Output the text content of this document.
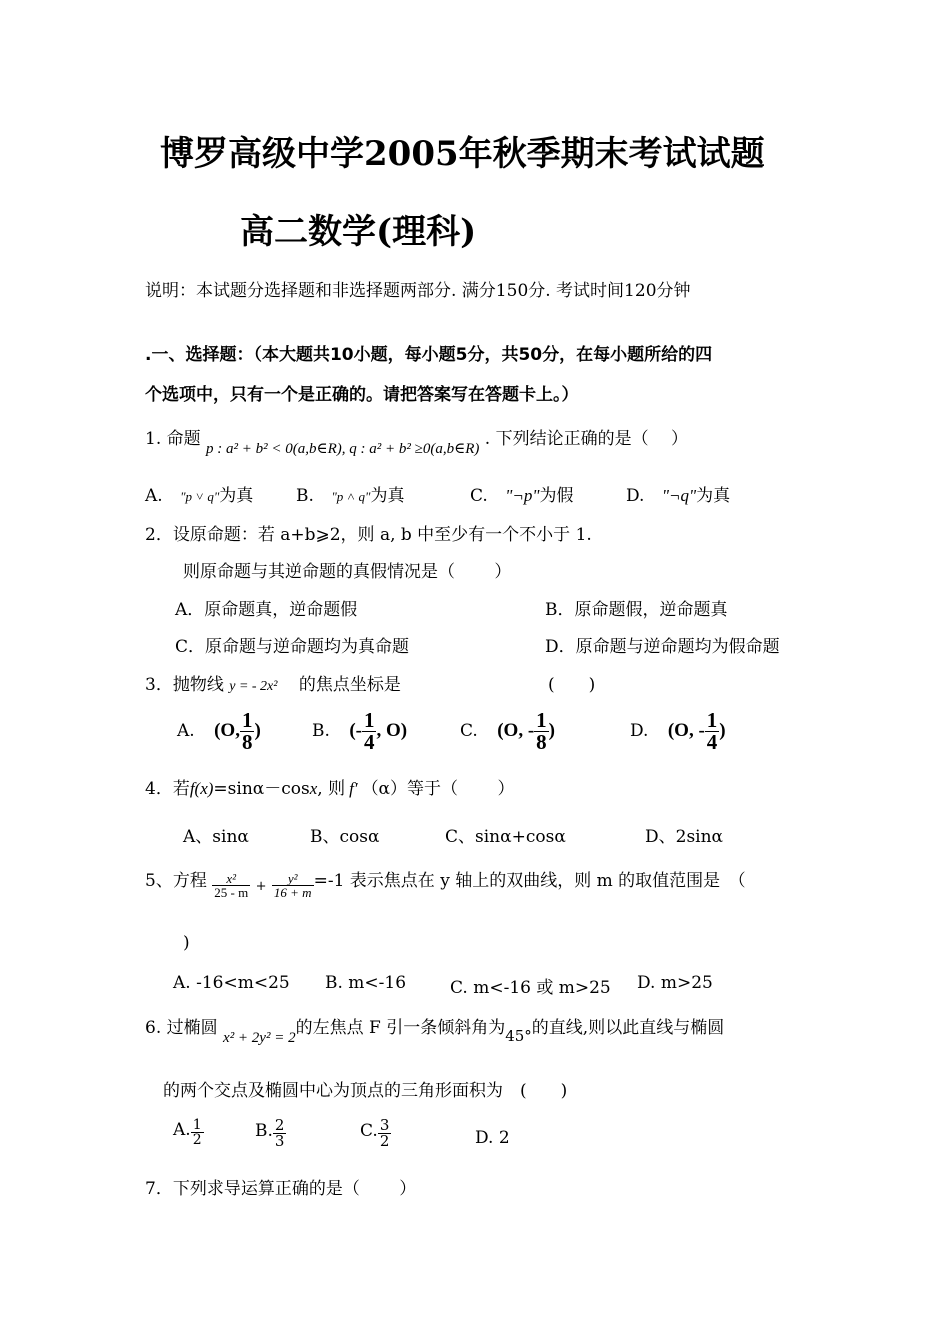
博罗高级中学2005年秋季期末考试试题
高二数学(理科)
说明：本试题分选择题和非选择题两部分. 满分150分. 考试时间120分钟
.一、选择题：（本大题共10小题，每小题5分，共50分，在每小题所给的四
个选项中，只有一个是正确的。请把答案写在答题卡上。）
1. 命题 p : a² + b² < 0(a,b∈R), q : a² + b² ≥0(a,b∈R) . 下列结论正确的是（　 ）
A. "p ˅ q"为真	B. "p ˄ q"为真	C. "¬p"为假	D. "¬q"为真
2．设原命题：若 a+b⩾2，则 a, b 中至少有一个不小于 1.
则原命题与其逆命题的真假情况是（　　 ）
A．原命题真，逆命题假	B．原命题假，逆命题真
C．原命题与逆命题均为真命题	D．原命题与逆命题均为假命题
3．抛物线 y = - 2x² 的焦点坐标是	(　　)
A. (O, $\frac{1}{8}$ )	B. (- $\frac{1}{4}$ , O)	C. (O, - $\frac{1}{8}$ )	D. (O, - $\frac{1}{4}$ )
4．若f(x)=sinα－cosx, 则 f′ （α）等于（　　 ）
A、sinα	B、cosα	C、sinα+cosα	D、2sinα
5、方程 $\frac{\text{x²}}{25 - m} + \frac{\text{y²}}{16 + m} =-1$ 表示焦点在 y 轴上的双曲线，则 m 的取值范围是　（
)
A. -16<m<25 B. m<-16	C. m<-16 或 m>25 D. m>25
6. 过椭圆 x² + 2y² = 2的左焦点 F 引一条倾斜角为45°的直线,则以此直线与椭圆
的两个交点及椭圆中心为顶点的三角形面积为　(　　)
A. $\frac{1}{2}$	B. $\frac{2}{3}$	C. $\frac{3}{2}$	D. 2
7．下列求导运算正确的是（　　 ）
